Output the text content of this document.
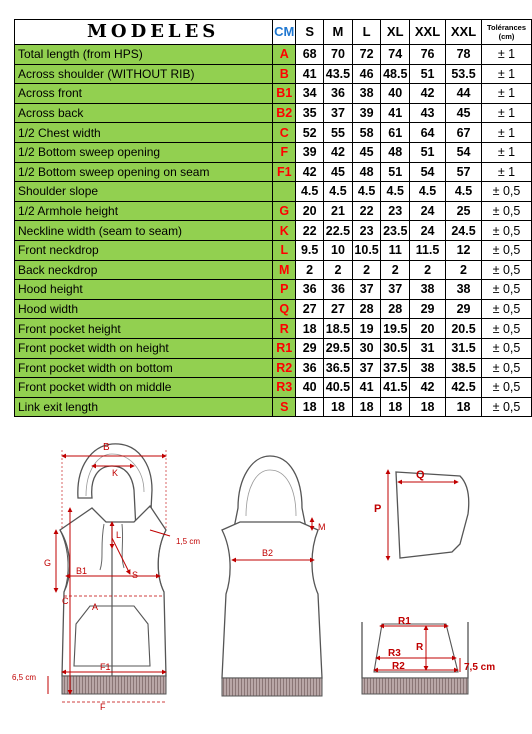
MODELES	CM	S	M	L	XL	XXL	XXL	Tolérances (cm)
Total length (from HPS)	A	68	70	72	74	76	78	± 1
Across shoulder (WITHOUT RIB)	B	41	43.5	46	48.5	51	53.5	± 1
Across front	B1	34	36	38	40	42	44	± 1
Across back	B2	35	37	39	41	43	45	± 1
1/2 Chest width	C	52	55	58	61	64	67	± 1
1/2 Bottom sweep opening	F	39	42	45	48	51	54	± 1
1/2 Bottom sweep opening on seam	F1	42	45	48	51	54	57	± 1
Shoulder slope		4.5	4.5	4.5	4.5	4.5	4.5	± 0,5
1/2 Armhole height	G	20	21	22	23	24	25	± 0,5
Neckline width (seam to seam)	K	22	22.5	23	23.5	24	24.5	± 0,5
Front neckdrop	L	9.5	10	10.5	11	11.5	12	± 0,5
Back neckdrop	M	2	2	2	2	2	2	± 0,5
Hood height	P	36	36	37	37	38	38	± 0,5
Hood width	Q	27	27	28	28	29	29	± 0,5
Front pocket height	R	18	18.5	19	19.5	20	20.5	± 0,5
Front pocket width on height	R1	29	29.5	30	30.5	31	31.5	± 0,5
Front pocket width on bottom	R2	36	36.5	37	37.5	38	38.5	± 0,5
Front pocket width on middle	R3	40	40.5	41	41.5	42	42.5	± 0,5
Link exit length	S	18	18	18	18	18	18	± 0,5
B
K
L
1,5 cm
G
B1	S
C
A
F1
6,5 cm
F
M
B2
Q
P
R1
R
R3
R2	7,5 cm
